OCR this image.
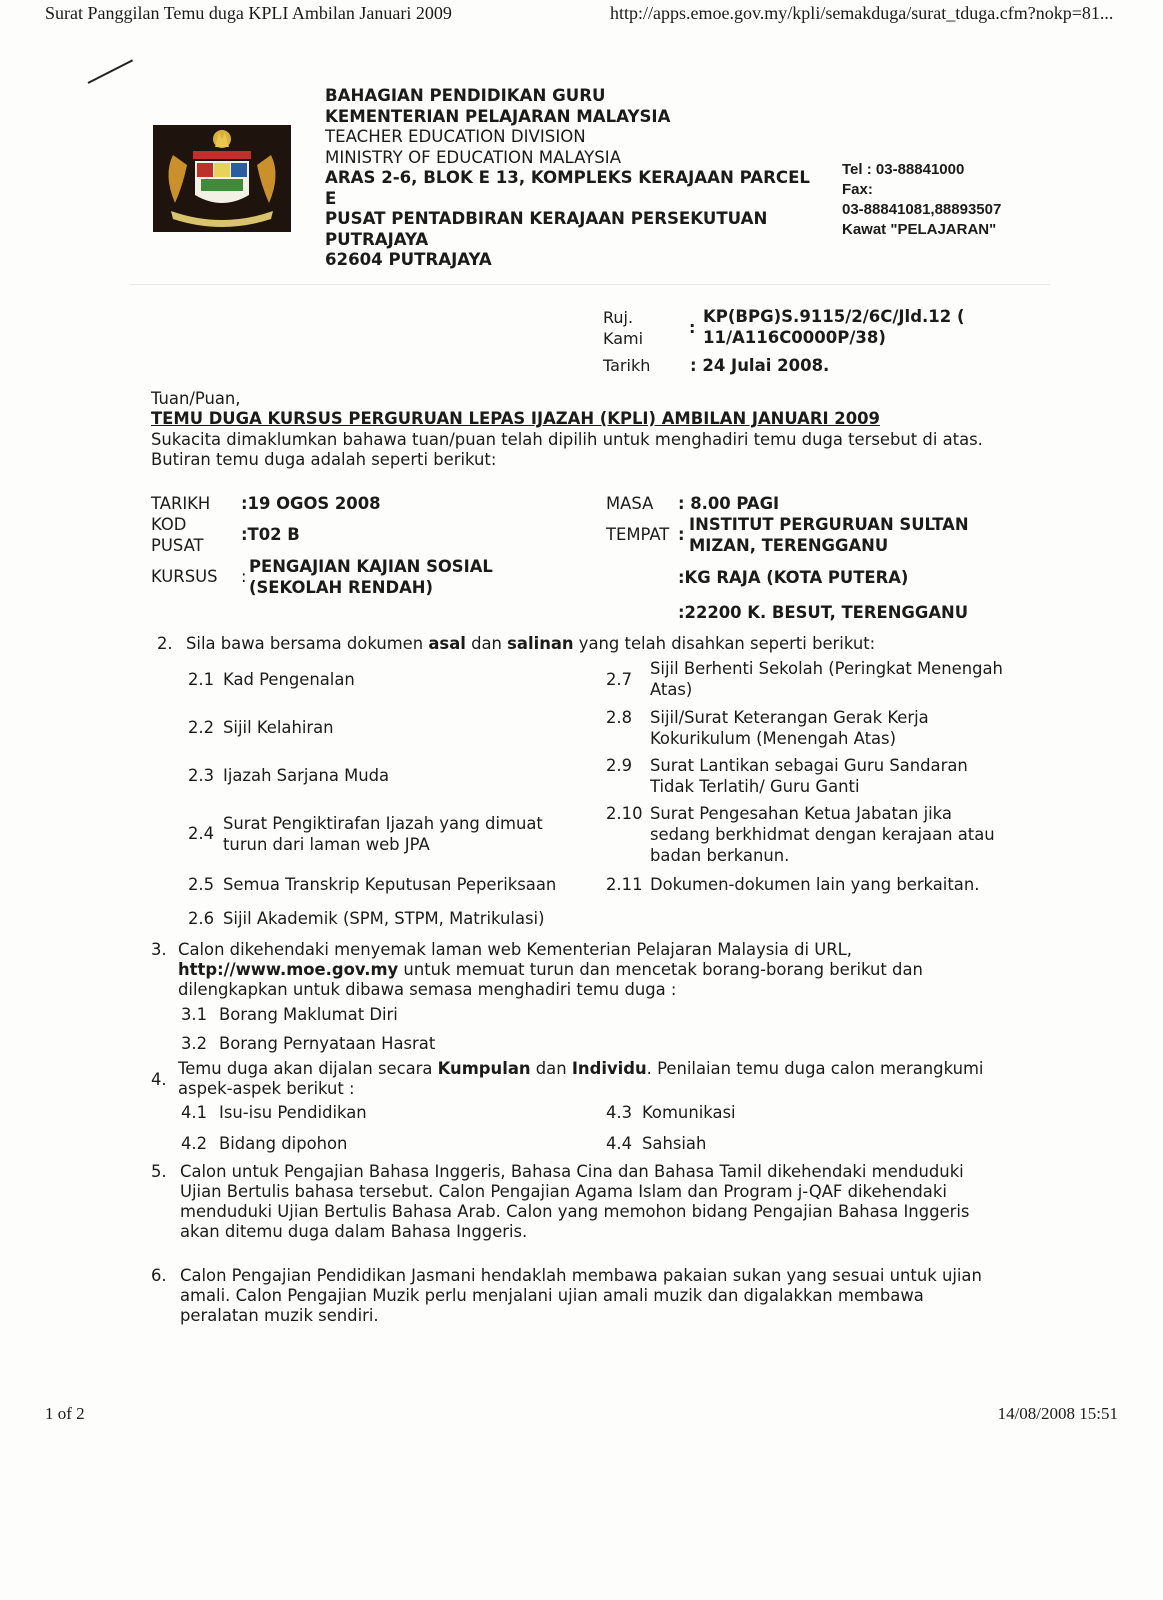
Surat Panggilan Temu duga KPLI Ambilan Januari 2009	http://apps.emoe.gov.my/kpli/semakduga/surat_tduga.cfm?nokp=81...
BAHAGIAN PENDIDIKAN GURU
KEMENTERIAN PELAJARAN MALAYSIA
TEACHER EDUCATION DIVISION
MINISTRY OF EDUCATION MALAYSIA
ARAS 2-6, BLOK E 13, KOMPLEKS KERAJAAN PARCEL
E
PUSAT PENTADBIRAN KERAJAAN PERSEKUTUAN
PUTRAJAYA
62604 PUTRAJAYA
Tel : 03-88841000
Fax:
03-88841081,88893507
Kawat "PELAJARAN"
Ruj.
Kami
:
KP(BPG)S.9115/2/6C/Jld.12 (
11/A116C0000P/38)
Tarikh : 24 Julai 2008.
Tuan/Puan,
TEMU DUGA KURSUS PERGURUAN LEPAS IJAZAH (KPLI) AMBILAN JANUARI 2009
Sukacita dimaklumkan bahawa tuan/puan telah dipilih untuk menghadiri temu duga tersebut di atas.
Butiran temu duga adalah seperti berikut:
TARIKH :19 OGOS 2008
KOD
PUSAT
:T02 B
KURSUS :
PENGAJIAN KAJIAN SOSIAL
(SEKOLAH RENDAH)
MASA : 8.00 PAGI
TEMPAT :
INSTITUT PERGURUAN SULTAN
MIZAN, TERENGGANU
:KG RAJA (KOTA PUTERA)
:22200 K. BESUT, TERENGGANU
2. Sila bawa bersama dokumen asal dan salinan yang telah disahkan seperti berikut:
2.1 Kad Pengenalan
2.2 Sijil Kelahiran
2.3 Ijazah Sarjana Muda
2.4
Surat Pengiktirafan Ijazah yang dimuat
turun dari laman web JPA
2.5 Semua Transkrip Keputusan Peperiksaan
2.6 Sijil Akademik (SPM, STPM, Matrikulasi)
2.7
Sijil Berhenti Sekolah (Peringkat Menengah
Atas)
2.8 Sijil/Surat Keterangan Gerak Kerja
Kokurikulum (Menengah Atas)
2.9 Surat Lantikan sebagai Guru Sandaran
Tidak Terlatih/ Guru Ganti
2.10 Surat Pengesahan Ketua Jabatan jika
sedang berkhidmat dengan kerajaan atau
badan berkanun.
2.11 Dokumen-dokumen lain yang berkaitan.
3. Calon dikehendaki menyemak laman web Kementerian Pelajaran Malaysia di URL,
http://www.moe.gov.my untuk memuat turun dan mencetak borang-borang berikut dan
dilengkapkan untuk dibawa semasa menghadiri temu duga :
3.1 Borang Maklumat Diri
3.2 Borang Pernyataan Hasrat
4.
Temu duga akan dijalan secara Kumpulan dan Individu. Penilaian temu duga calon merangkumi
aspek-aspek berikut :
4.1 Isu-isu Pendidikan
4.2 Bidang dipohon
4.3 Komunikasi
4.4 Sahsiah
5. Calon untuk Pengajian Bahasa Inggeris, Bahasa Cina dan Bahasa Tamil dikehendaki menduduki
Ujian Bertulis bahasa tersebut. Calon Pengajian Agama Islam dan Program j-QAF dikehendaki
menduduki Ujian Bertulis Bahasa Arab. Calon yang memohon bidang Pengajian Bahasa Inggeris
akan ditemu duga dalam Bahasa Inggeris.
6. Calon Pengajian Pendidikan Jasmani hendaklah membawa pakaian sukan yang sesuai untuk ujian
amali. Calon Pengajian Muzik perlu menjalani ujian amali muzik dan digalakkan membawa
peralatan muzik sendiri.
1 of 2	14/08/2008 15:51
